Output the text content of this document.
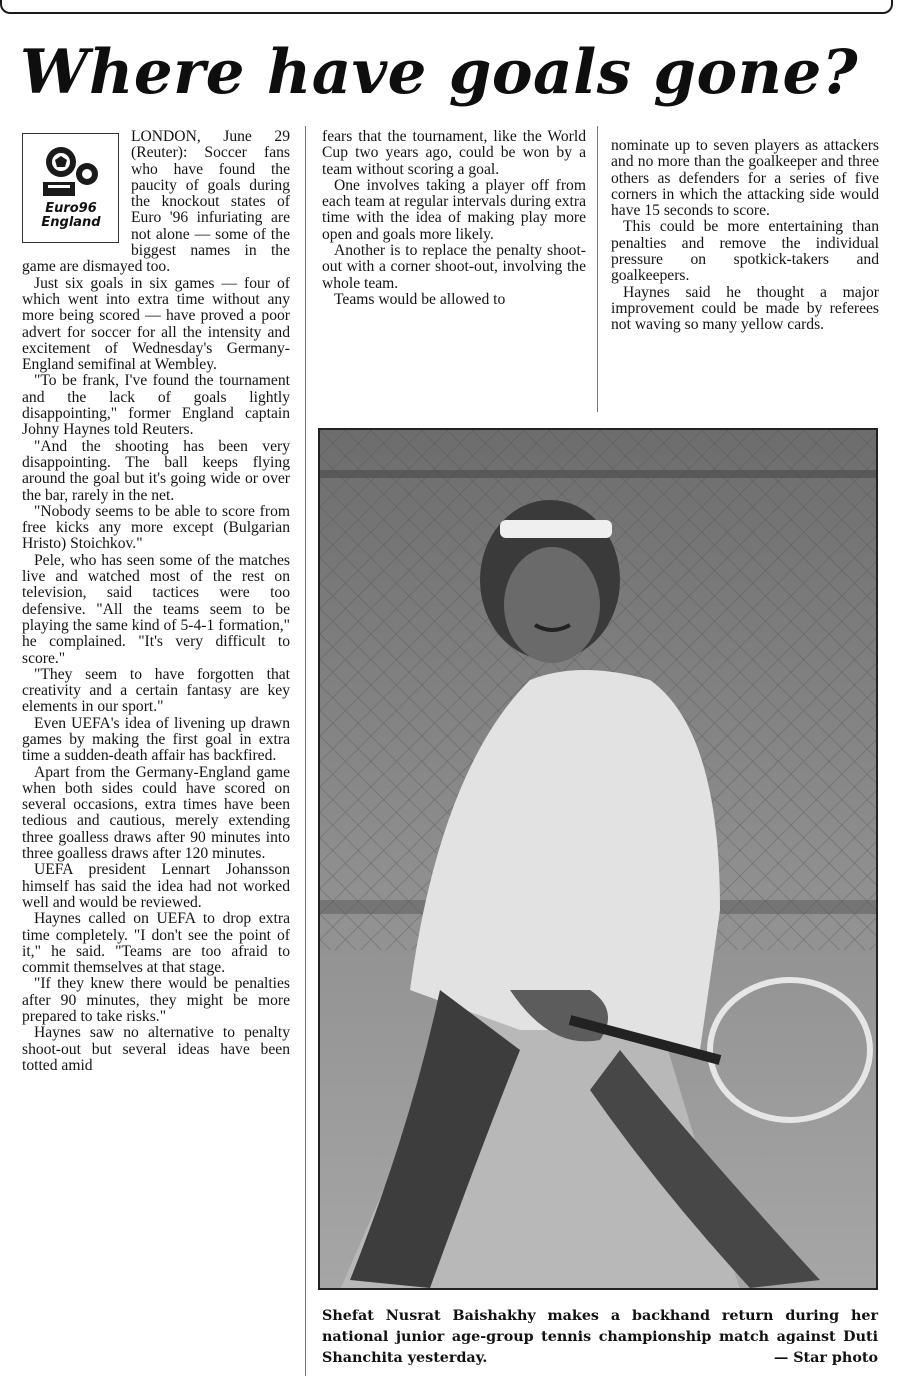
Where have goals gone?
Euro96 England

LONDON, June 29 (Reuter): Soccer fans who have found the paucity of goals during the knockout states of Euro '96 infuriating are not alone — some of the biggest names in the game are dismayed too.

Just six goals in six games — four of which went into extra time without any more being scored — have proved a poor advert for soccer for all the intensity and excitement of Wednesday's Germany-England semifinal at Wembley.

"To be frank, I've found the tournament and the lack of goals lightly disappointing," former England captain Johny Haynes told Reuters.

"And the shooting has been very disappointing. The ball keeps flying around the goal but it's going wide or over the bar, rarely in the net.

"Nobody seems to be able to score from free kicks any more except (Bulgarian Hristo) Stoichkov."

Pele, who has seen some of the matches live and watched most of the rest on television, said tactices were too defensive. "All the teams seem to be playing the same kind of 5-4-1 formation," he complained. "It's very difficult to score."

"They seem to have forgotten that creativity and a certain fantasy are key elements in our sport."

Even UEFA's idea of livening up drawn games by making the first goal in extra time a sudden-death affair has backfired.

Apart from the Germany-England game when both sides could have scored on several occasions, extra times have been tedious and cautious, merely extending three goalless draws after 90 minutes into three goalless draws after 120 minutes.

UEFA president Lennart Johansson himself has said the idea had not worked well and would be reviewed.

Haynes called on UEFA to drop extra time completely. "I don't see the point of it," he said. "Teams are too afraid to commit themselves at that stage.

"If they knew there would be penalties after 90 minutes, they might be more prepared to take risks."

Haynes saw no alternative to penalty shoot-out but several ideas have been totted amid

fears that the tournament, like the World Cup two years ago, could be won by a team without scoring a goal.

One involves taking a player off from each team at regular intervals during extra time with the idea of making play more open and goals more likely.

Another is to replace the penalty shoot-out with a corner shoot-out, involving the whole team.

Teams would be allowed to

nominate up to seven players as attackers and no more than the goalkeeper and three others as defenders for a series of five corners in which the attacking side would have 15 seconds to score.

This could be more entertaining than penalties and remove the individual pressure on spotkick-takers and goalkeepers.

Haynes said he thought a major improvement could be made by referees not waving so many yellow cards.

Shefat Nusrat Baishakhy makes a backhand return during her national junior age-group tennis championship match against Duti Shanchita yesterday.	— Star photo
